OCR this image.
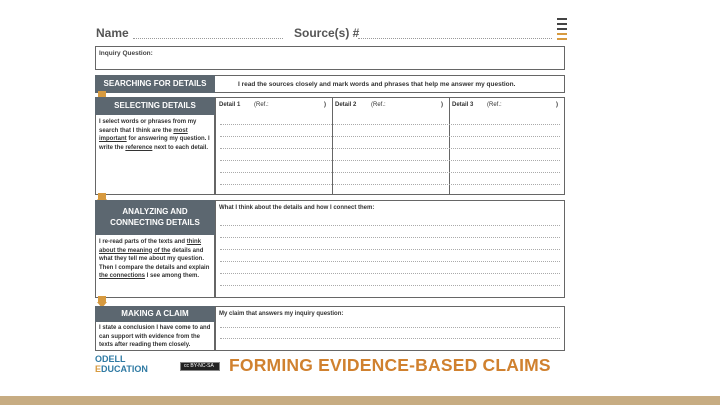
Name	Source(s) #
Inquiry Question:
SEARCHING FOR DETAILS	I read the sources closely and mark words and phrases that help me answer my question.
SELECTING DETAILS
I select words or phrases from my search that I think are the most important for answering my question. I write the reference next to each detail.
Detail 1 (Ref.:	) Detail 2 (Ref.:	) Detail 3 (Ref.:	)
ANALYZING AND
CONNECTING DETAILS
I re-read parts of the texts and think about the meaning of the details and what they tell me about my question. Then I compare the details and explain the connections I see among them.
What I think about the details and how I connect them:
MAKING A CLAIM
I state a conclusion I have come to and can support with evidence from the texts after reading them closely.
My claim that answers my inquiry question:
ODELL
EDUCATION	cc BY-NC-SA FORMING EVIDENCE-BASED CLAIMS
